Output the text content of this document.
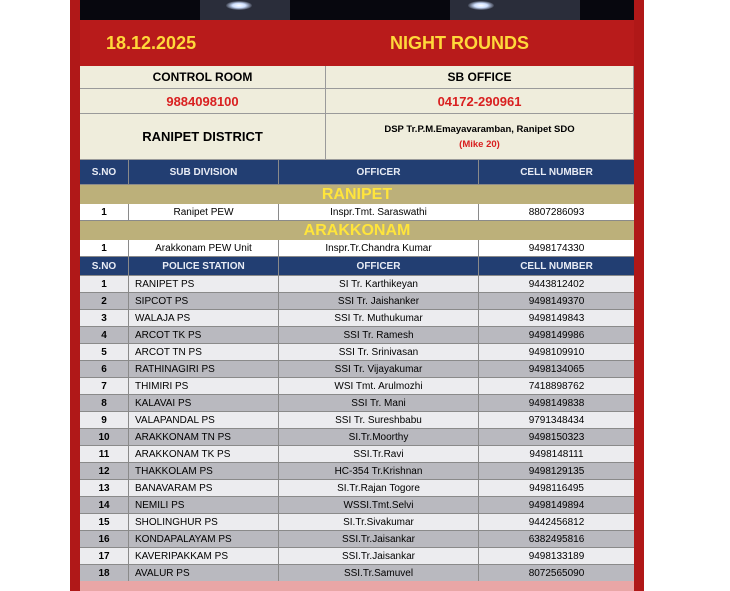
18.12.2025	NIGHT ROUNDS
CONTROL ROOM	SB OFFICE
9884098100	04172-290961
RANIPET DISTRICT	DSP Tr.P.M.Emayavaramban, Ranipet SDO
(Mike 20)
S.NO	SUB DIVISION	OFFICER	CELL NUMBER
RANIPET
1	Ranipet PEW	Inspr.Tmt. Saraswathi	8807286093
ARAKKONAM
1	Arakkonam PEW Unit	Inspr.Tr.Chandra Kumar	9498174330
S.NO	POLICE STATION	OFFICER	CELL NUMBER
1	RANIPET PS	SI Tr. Karthikeyan	9443812402
2	SIPCOT PS	SSI Tr. Jaishanker	9498149370
3	WALAJA PS	SSI Tr. Muthukumar	9498149843
4	ARCOT TK PS	SSI Tr. Ramesh	9498149986
5	ARCOT TN PS	SSI Tr. Srinivasan	9498109910
6	RATHINAGIRI PS	SSI Tr. Vijayakumar	9498134065
7	THIMIRI PS	WSI Tmt. Arulmozhi	7418898762
8	KALAVAI PS	SSI Tr. Mani	9498149838
9	VALAPANDAL PS	SSI Tr. Sureshbabu	9791348434
10	ARAKKONAM TN PS	SI.Tr.Moorthy	9498150323
11	ARAKKONAM TK PS	SSI.Tr.Ravi	9498148111
12	THAKKOLAM PS	HC-354 Tr.Krishnan	9498129135
13	BANAVARAM PS	SI.Tr.Rajan Togore	9498116495
14	NEMILI PS	WSSI.Tmt.Selvi	9498149894
15	SHOLINGHUR PS	SI.Tr.Sivakumar	9442456812
16	KONDAPALAYAM PS	SSI.Tr.Jaisankar	6382495816
17	KAVERIPAKKAM PS	SSI.Tr.Jaisankar	9498133189
18	AVALUR PS	SSI.Tr.Samuvel	8072565090
